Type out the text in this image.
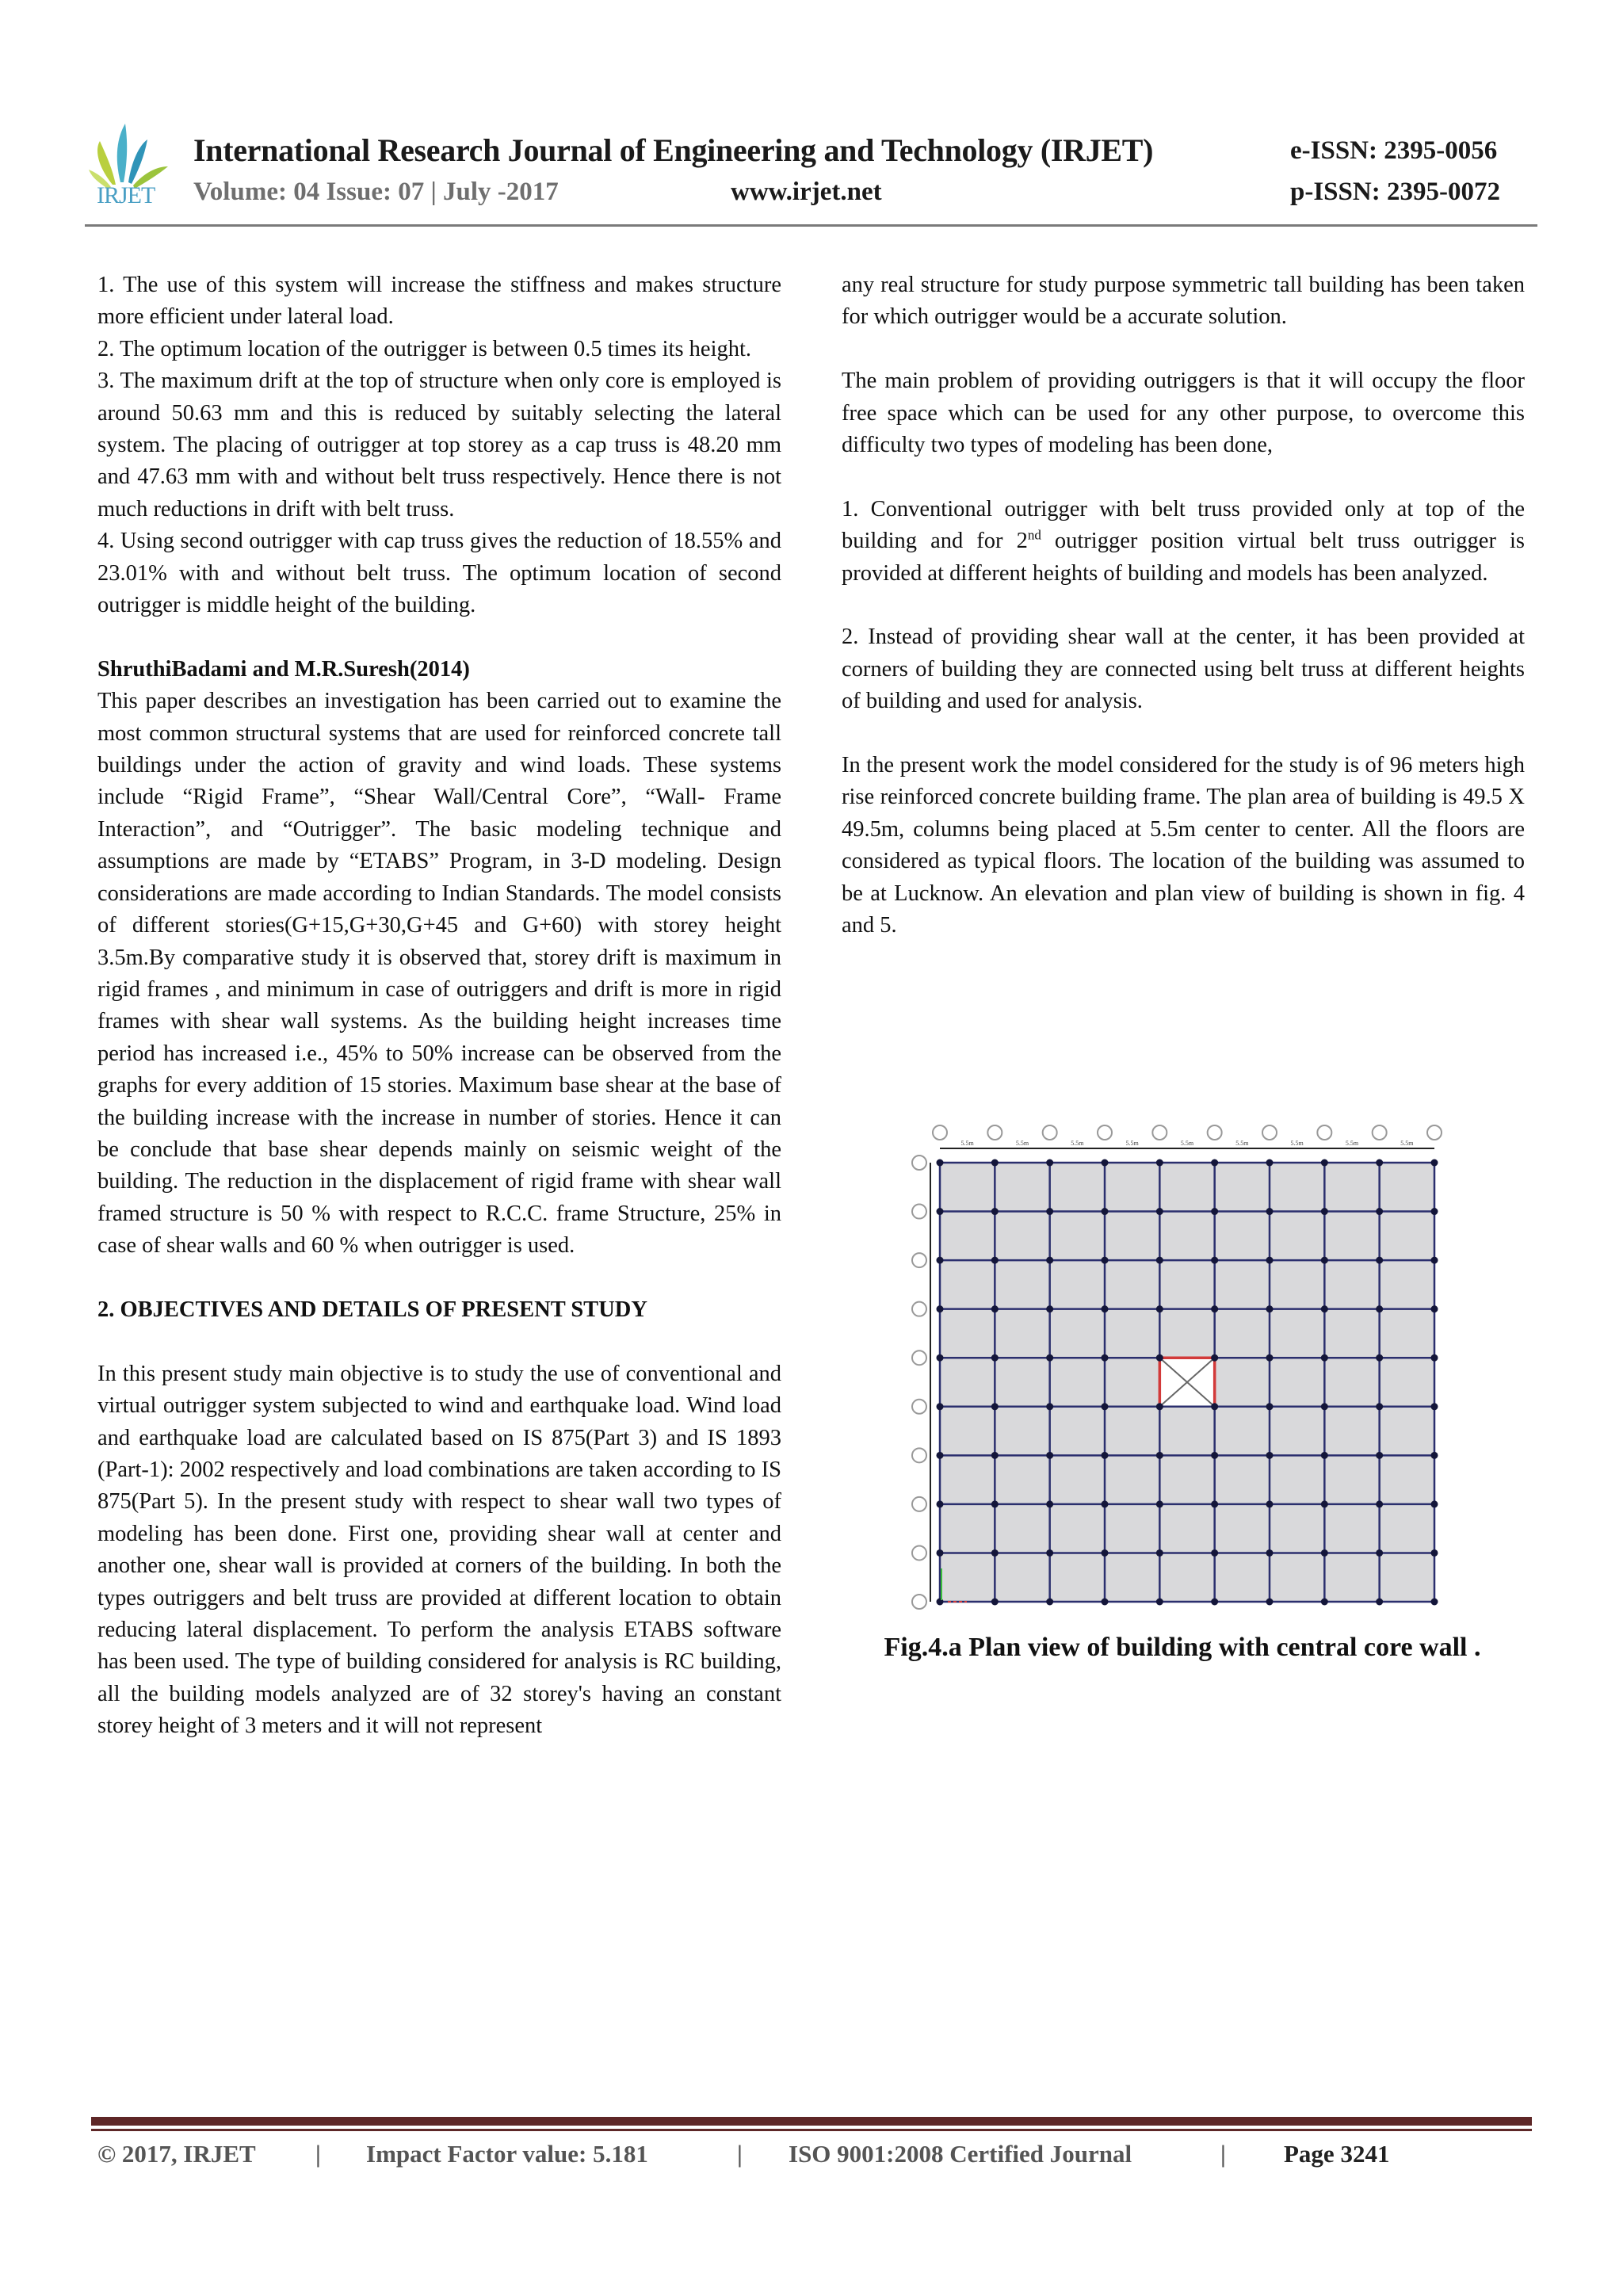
IRJET
International Research Journal of Engineering and Technology (IRJET)	e-ISSN: 2395-0056
Volume: 04 Issue: 07 | July -2017	www.irjet.net	p-ISSN: 2395-0072

1. The use of this system will increase the stiffness and makes structure more efficient under lateral load.

2. The optimum location of the outrigger is between 0.5 times its height.

3. The maximum drift at the top of structure when only core is employed is around 50.63 mm and this is reduced by suitably selecting the lateral system. The placing of outrigger at top storey as a cap truss is 48.20 mm and 47.63 mm with and without belt truss respectively. Hence there is not much reductions in drift with belt truss.

4. Using second outrigger with cap truss gives the reduction of 18.55% and 23.01% with and without belt truss. The optimum location of second outrigger is middle height of the building.

ShruthiBadami and M.R.Suresh(2014)

This paper describes an investigation has been carried out to examine the most common structural systems that are used for reinforced concrete tall buildings under the action of gravity and wind loads. These systems include “Rigid Frame”, “Shear Wall/Central Core”, “Wall- Frame Interaction”, and “Outrigger”. The basic modeling technique and assumptions are made by “ETABS” Program, in 3-D modeling. Design considerations are made according to Indian Standards. The model consists of different stories(G+15,G+30,G+45 and G+60) with storey height 3.5m.By comparative study it is observed that, storey drift is maximum in rigid frames , and minimum in case of outriggers and drift is more in rigid frames with shear wall systems. As the building height increases time period has increased i.e., 45% to 50% increase can be observed from the graphs for every addition of 15 stories. Maximum base shear at the base of the building increase with the increase in number of stories. Hence it can be conclude that base shear depends mainly on seismic weight of the building. The reduction in the displacement of rigid frame with shear wall framed structure is 50 % with respect to R.C.C. frame Structure, 25% in case of shear walls and 60 % when outrigger is used.

2. OBJECTIVES AND DETAILS OF PRESENT STUDY

In this present study main objective is to study the use of conventional and virtual outrigger system subjected to wind and earthquake load. Wind load and earthquake load are calculated based on IS 875(Part 3) and IS 1893 (Part-1): 2002 respectively and load combinations are taken according to IS 875(Part 5). In the present study with respect to shear wall two types of modeling has been done. First one, providing shear wall at center and another one, shear wall is provided at corners of the building. In both the types outriggers and belt truss are provided at different location to obtain reducing lateral displacement. To perform the analysis ETABS software has been used. The type of building considered for analysis is RC building, all the building models analyzed are of 32 storey's having an constant storey height of 3 meters and it will not represent

any real structure for study purpose symmetric tall building has been taken for which outrigger would be a accurate solution.

The main problem of providing outriggers is that it will occupy the floor free space which can be used for any other purpose, to overcome this difficulty two types of modeling has been done,

1. Conventional outrigger with belt truss provided only at top of the building and for 2nd outrigger position virtual belt truss outrigger is provided at different heights of building and models has been analyzed.

2. Instead of providing shear wall at the center, it has been provided at corners of building they are connected using belt truss at different heights of building and used for analysis.

In the present work the model considered for the study is of 96 meters high rise reinforced concrete building frame. The plan area of building is 49.5 X 49.5m, columns being placed at 5.5m center to center. All the floors are considered as typical floors. The location of the building was assumed to be at Lucknow. An elevation and plan view of building is shown in fig. 4 and 5.

5.5m	5.5m	5.5m	5.5m	5.5m	5.5m	5.5m	5.5m	5.5m
Fig.4.a Plan view of building with central core wall .
© 2017, IRJET | Impact Factor value: 5.181	| ISO 9001:2008 Certified Journal	| Page 3241
